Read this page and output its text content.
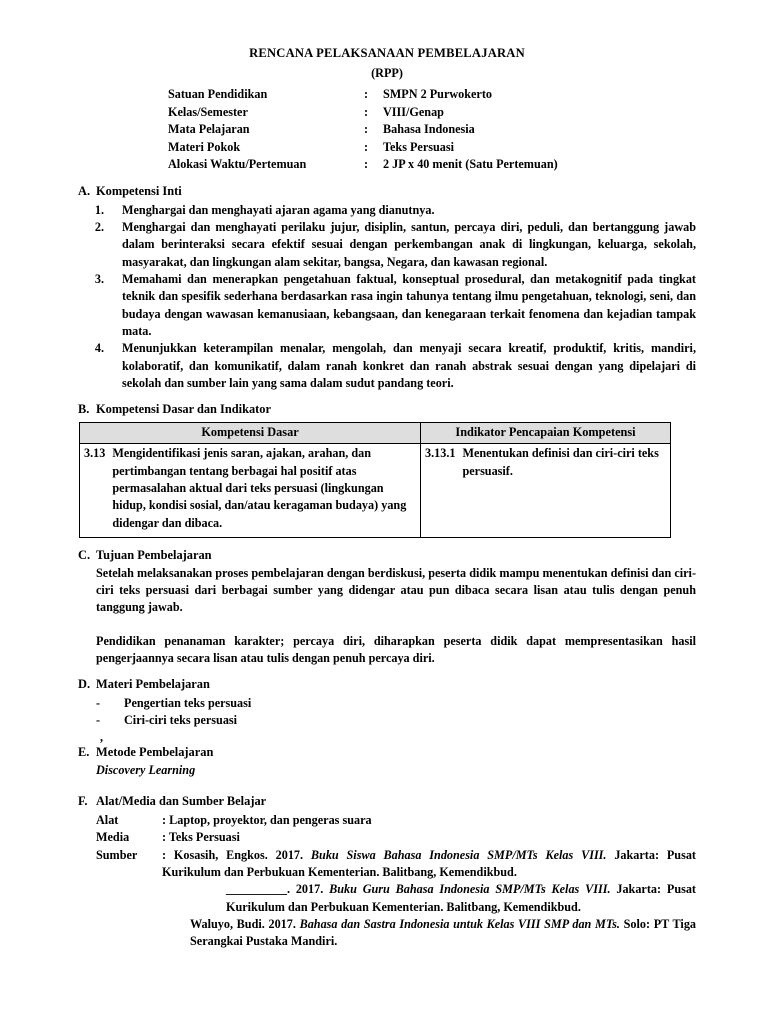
RENCANA PELAKSANAAN PEMBELAJARAN
(RPP)
Satuan Pendidikan	:	SMPN 2 Purwokerto
Kelas/Semester	:	VIII/Genap
Mata Pelajaran	:	Bahasa Indonesia
Materi Pokok	:	Teks Persuasi
Alokasi Waktu/Pertemuan	:	2 JP x 40 menit (Satu Pertemuan)
A. Kompetensi Inti
1.	Menghargai dan menghayati ajaran agama yang dianutnya.
2.	Menghargai dan menghayati perilaku jujur, disiplin, santun, percaya diri, peduli, dan bertanggung jawab dalam berinteraksi secara efektif sesuai dengan perkembangan anak di lingkungan, keluarga, sekolah, masyarakat, dan lingkungan alam sekitar, bangsa, Negara, dan kawasan regional.
3.	Memahami dan menerapkan pengetahuan faktual, konseptual prosedural, dan metakognitif pada tingkat teknik dan spesifik sederhana berdasarkan rasa ingin tahunya tentang ilmu pengetahuan, teknologi, seni, dan budaya dengan wawasan kemanusiaan, kebangsaan, dan kenegaraan terkait fenomena dan kejadian tampak mata.
4.	Menunjukkan keterampilan menalar, mengolah, dan menyaji secara kreatif, produktif, kritis, mandiri, kolaboratif, dan komunikatif, dalam ranah konkret dan ranah abstrak sesuai dengan yang dipelajari di sekolah dan sumber lain yang sama dalam sudut pandang teori.
B. Kompetensi Dasar dan Indikator
Kompetensi Dasar	Indikator Pencapaian Kompetensi

3.13 Mengidentifikasi jenis saran, ajakan, arahan, dan pertimbangan tentang berbagai hal positif atas permasalahan aktual dari teks persuasi (lingkungan hidup, kondisi sosial, dan/atau keragaman budaya) yang didengar dan dibaca.	3.13.1 Menentukan definisi dan ciri-ciri teks persuasif.
C. Tujuan Pembelajaran

Setelah melaksanakan proses pembelajaran dengan berdiskusi, peserta didik mampu menentukan definisi dan ciri-ciri teks persuasi dari berbagai sumber yang didengar atau pun dibaca secara lisan atau tulis dengan penuh tanggung jawab.

Pendidikan penanaman karakter; percaya diri, diharapkan peserta didik dapat mempresentasikan hasil pengerjaannya secara lisan atau tulis dengan penuh percaya diri.

D. Materi Pembelajaran
-	Pengertian teks persuasi
-	Ciri-ciri teks persuasi
,
E. Metode Pembelajaran
Discovery Learning
F. Alat/Media dan Sumber Belajar
Alat	: Laptop, proyektor, dan pengeras suara
Media	: Teks Persuasi
Sumber	: Kosasih, Engkos. 2017. Buku Siswa Bahasa Indonesia SMP/MTs Kelas VIII. Jakarta: Pusat Kurikulum dan Perbukuan Kementerian. Balitbang, Kemendikbud.
__________. 2017. Buku Guru Bahasa Indonesia SMP/MTs Kelas VIII. Jakarta: Pusat Kurikulum dan Perbukuan Kementerian. Balitbang, Kemendikbud.
Waluyo, Budi. 2017. Bahasa dan Sastra Indonesia untuk Kelas VIII SMP dan MTs. Solo: PT Tiga Serangkai Pustaka Mandiri.
